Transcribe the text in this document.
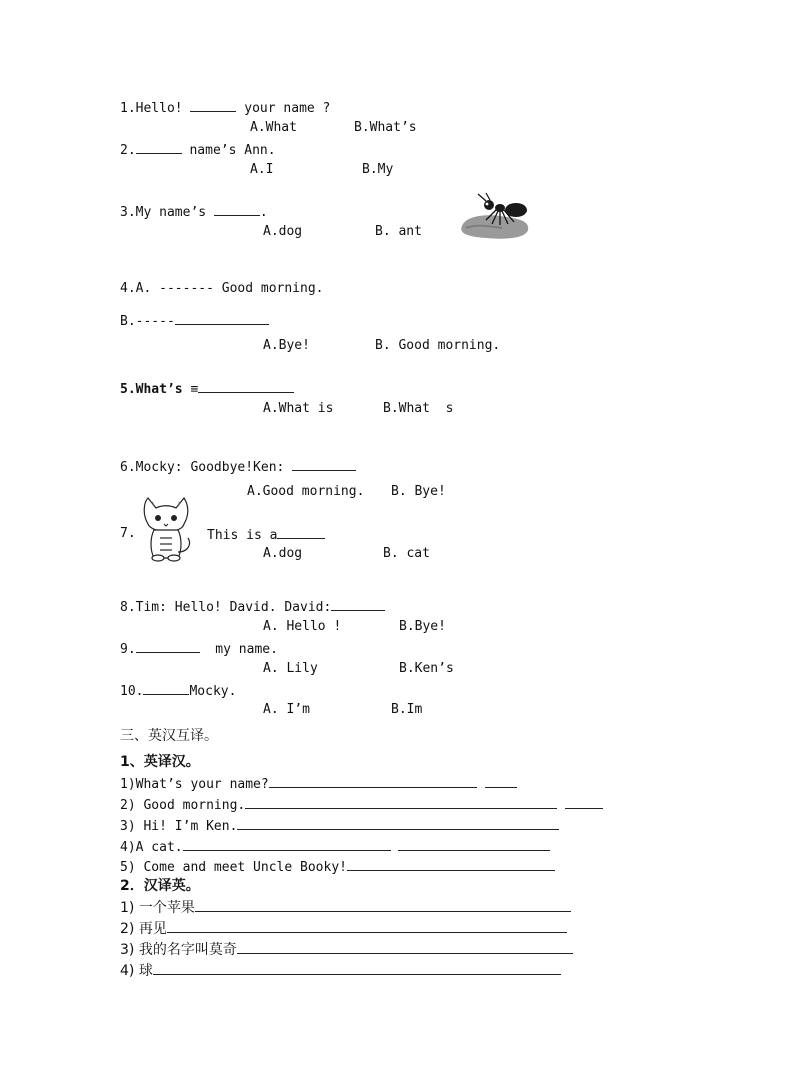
1.Hello!	your name ?
A.What	B.What’s
2.	name’s Ann.
A.I	B.My
3.My name’s	.
A.dog	B. ant
4.A. ------- Good morning.
B.-----
A.Bye!	B. Good morning.
5.What’s ≡
A.What is	B.What  s
6.Mocky: Goodbye!Ken:
A.Good morning. B. Bye!
7.	This is a
A.dog	B. cat
8.Tim: Hello! David. David:
A. Hello !	B.Bye!
9.	my name.
A. Lily	B.Ken’s
10.	Mocky.
A. I’m	B.Im
三、英汉互译。
1、英译汉。
1)What’s your name?
2) Good morning.
3) Hi! I’m Ken.
4)A cat.
5) Come and meet Uncle Booky!
2．汉译英。
1) 一个苹果
2) 再见
3) 我的名字叫莫奇
4) 球
